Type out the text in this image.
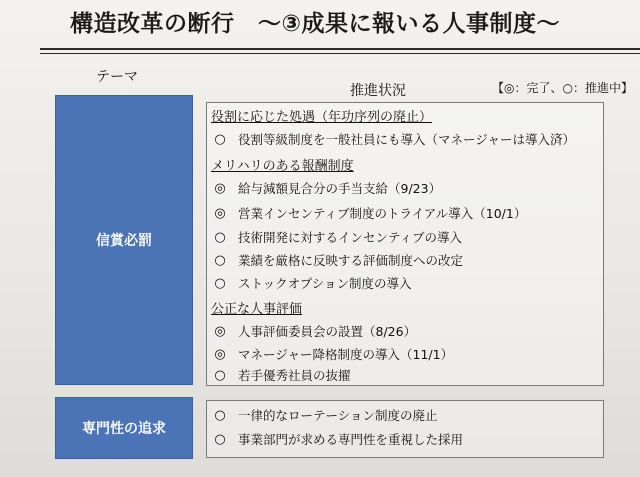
構造改革の断行　～③成果に報いる人事制度～
テーマ
推進状況	【◎：完了、○：推進中】
信賞必罰
役割に応じた処遇（年功序列の廃止）
○ 役割等級制度を一般社員にも導入（マネージャーは導入済）
メリハリのある報酬制度
◎ 給与減額見合分の手当支給（9/23）
◎ 営業インセンティブ制度のトライアル導入（10/1）
○ 技術開発に対するインセンティブの導入
○ 業績を厳格に反映する評価制度への改定
○ ストックオプション制度の導入
公正な人事評価
◎ 人事評価委員会の設置（8/26）
◎ マネージャー降格制度の導入（11/1）
○ 若手優秀社員の抜擢
専門性の追求
○ 一律的なローテーション制度の廃止
○ 事業部門が求める専門性を重視した採用
